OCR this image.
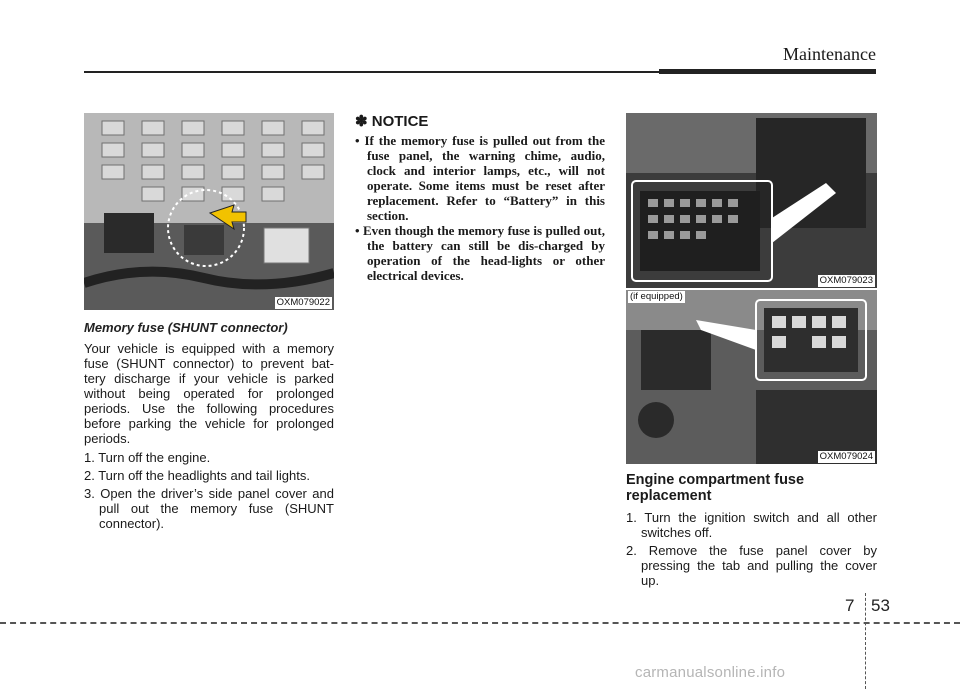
Maintenance
OXM079022
Memory fuse (SHUNT connector)

Your vehicle is equipped with a memory fuse (SHUNT connector) to prevent bat-tery discharge if your vehicle is parked without being operated for prolonged periods. Use the following procedures before parking the vehicle for prolonged periods.

1. Turn off the engine.
2. Turn off the headlights and tail lights.
3. Open the driver’s side panel cover and pull out the memory fuse (SHUNT connector).
✽ NOTICE
• If the memory fuse is pulled out from the fuse panel, the warning chime, audio, clock and interior lamps, etc., will not operate. Some items must be reset after replacement. Refer to “Battery” in this section.
• Even though the memory fuse is pulled out, the battery can still be dis-charged by operation of the head-lights or other electrical devices.	OXM079023
(if equipped)
OXM079024
Engine compartment fuse replacement
1. Turn the ignition switch and all other switches off.
2. Remove the fuse panel cover by pressing the tab and pulling the cover up.
7 53
carmanualsonline.info
